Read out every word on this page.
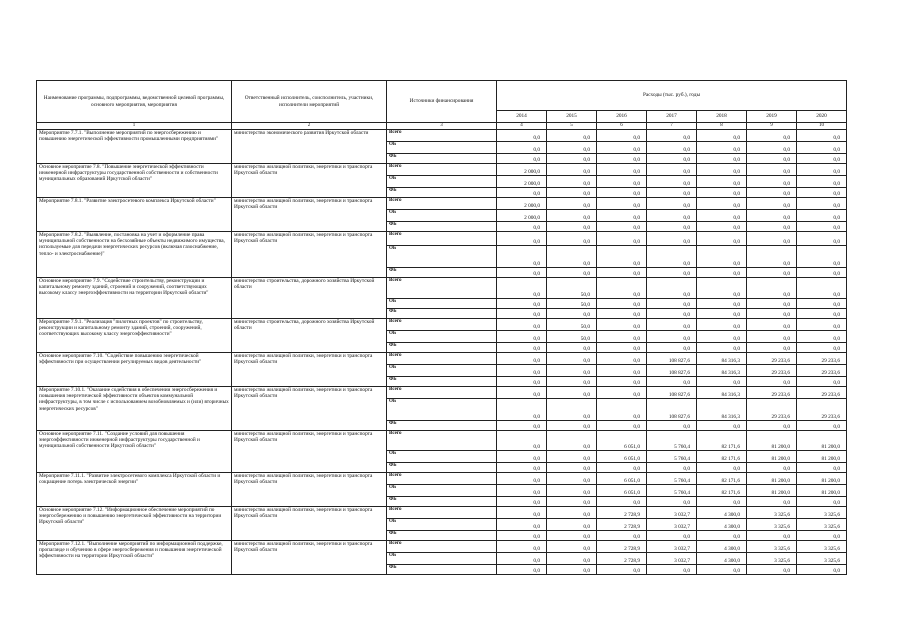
Наименование программы, подпрограммы, ведомственной целевой программы, основного мероприятия, мероприятия	Ответственный исполнитель, соисполнитель, участники, исполнители мероприятий	Источники финансирования	Расходы (тыс. руб.), годы						
			2014	2015	2016	2017	2018	2019	2020
1	2	3	4	5	6	7	8	9	10
Мероприятие 7.7.1. "Выполнение мероприятий по энергосбережению и повышению энергетической эффективности промышленными предприятиями"	министерство экономического развития Иркутской области	Всего	0,0	0,0	0,0	0,0	0,0	0,0	0,0
		ОБ	0,0	0,0	0,0	0,0	0,0	0,0	0,0
		ФБ	0,0	0,0	0,0	0,0	0,0	0,0	0,0
Основное мероприятие 7.8. "Повышение энергетической эффективности инженерной инфраструктуры государственной собственности и собственности муниципальных образований Иркутской области"	министерство жилищной политики, энергетики и транспорта Иркутской области	Всего	2 000,0	0,0	0,0	0,0	0,0	0,0	0,0
		ОБ	2 000,0	0,0	0,0	0,0	0,0	0,0	0,0
		ФБ	0,0	0,0	0,0	0,0	0,0	0,0	0,0
Мероприятие 7.8.1. "Развитие электросетевого комплекса Иркутской области"	министерство жилищной политики, энергетики и транспорта Иркутской области	Всего	2 000,0	0,0	0,0	0,0	0,0	0,0	0,0
		ОБ	2 000,0	0,0	0,0	0,0	0,0	0,0	0,0
		ФБ	0,0	0,0	0,0	0,0	0,0	0,0	0,0
Мероприятие 7.8.2. "Выявление, постановка на учет и оформление права муниципальной собственности на бесхозяйные объекты недвижимого имущества, используемые для передачи энергетических ресурсов (включая газоснабжение, тепло- и электроснабжение)"	министерство жилищной политики, энергетики и транспорта Иркутской области	Всего	0,0	0,0	0,0	0,0	0,0	0,0	0,0
		ОБ	0,0	0,0	0,0	0,0	0,0	0,0	0,0
		ФБ	0,0	0,0	0,0	0,0	0,0	0,0	0,0
Основное мероприятие 7.9. "Содействие строительству, реконструкции и капитальному ремонту зданий, строений и сооружений, соответствующих высокому классу энергоэффективности на территории Иркутской области"	министерство строительства, дорожного хозяйства Иркутской области	Всего	0,0	50,0	0,0	0,0	0,0	0,0	0,0
		ОБ	0,0	50,0	0,0	0,0	0,0	0,0	0,0
		ФБ	0,0	0,0	0,0	0,0	0,0	0,0	0,0
Мероприятие 7.9.1. "Реализация "пилотных проектов" по строительству, реконструкции и капитальному ремонту зданий, строений, сооружений, соответствующих высокому классу энергоэффективности"	министерство строительства, дорожного хозяйства Иркутской области	Всего	0,0	50,0	0,0	0,0	0,0	0,0	0,0
		ОБ	0,0	50,0	0,0	0,0	0,0	0,0	0,0
		ФБ	0,0	0,0	0,0	0,0	0,0	0,0	0,0
Основное мероприятие 7.10. "Содействие повышению энергетической эффективности при осуществлении регулируемых видов деятельности"	министерство жилищной политики, энергетики и транспорта Иркутской области	Всего	0,0	0,0	0,0	108 827,6	84 316,3	29 233,6	29 233,6
		ОБ	0,0	0,0	0,0	108 827,6	84 316,3	29 233,6	29 233,6
		ФБ	0,0	0,0	0,0	0,0	0,0	0,0	0,0
Мероприятие 7.10.1. "Оказание содействия в обеспечении энергосбережения и повышения энергетической эффективности объектов коммунальной инфраструктуры, в том числе с использованием возобновляемых и (или) вторичных энергетических ресурсов"	министерство жилищной политики, энергетики и транспорта Иркутской области	Всего	0,0	0,0	0,0	108 827,6	84 316,3	29 233,6	29 233,6
		ОБ	0,0	0,0	0,0	108 827,6	84 316,3	29 233,6	29 233,6
		ФБ	0,0	0,0	0,0	0,0	0,0	0,0	0,0
Основное мероприятие 7.11. "Создание условий для повышения энергоэффективности инженерной инфраструктуры государственной и муниципальной собственности Иркутской области"	министерство жилищной политики, энергетики и транспорта Иркутской области	Всего	0,0	0,0	6 051,0	5 760,4	82 171,6	81 200,0	81 200,0
		ОБ	0,0	0,0	6 051,0	5 760,4	82 171,6	81 200,0	81 200,0
		ФБ	0,0	0,0	0,0	0,0	0,0	0,0	0,0
Мероприятие 7.11.1. "Развитие электросетевого комплекса Иркутской области и сокращение потерь электрической энергии"	министерство жилищной политики, энергетики и транспорта Иркутской области	Всего	0,0	0,0	6 051,0	5 760,4	82 171,6	81 200,0	81 200,0
		ОБ	0,0	0,0	6 051,0	5 760,4	82 171,6	81 200,0	81 200,0
		ФБ	0,0	0,0	0,0	0,0	0,0	0,0	0,0
Основное мероприятие 7.12. "Информационное обеспечение мероприятий по энергосбережению и повышению энергетической эффективности на территории Иркутской области"	министерство жилищной политики, энергетики и транспорта Иркутской области	Всего	0,0	0,0	2 728,9	3 032,7	4 300,0	3 325,6	3 325,6
		ОБ	0,0	0,0	2 728,9	3 032,7	4 300,0	3 325,6	3 325,6
		ФБ	0,0	0,0	0,0	0,0	0,0	0,0	0,0
Мероприятие 7.12.1. "Выполнение мероприятий по информационной поддержке, пропаганде и обучению в сфере энергосбережения и повышения энергетической эффективности на территории Иркутской области"	министерство жилищной политики, энергетики и транспорта Иркутской области	Всего	0,0	0,0	2 728,9	3 032,7	4 300,0	3 325,6	3 325,6
		ОБ	0,0	0,0	2 728,9	3 032,7	4 300,0	3 325,6	3 325,6
		ФБ	0,0	0,0	0,0	0,0	0,0	0,0	0,0
